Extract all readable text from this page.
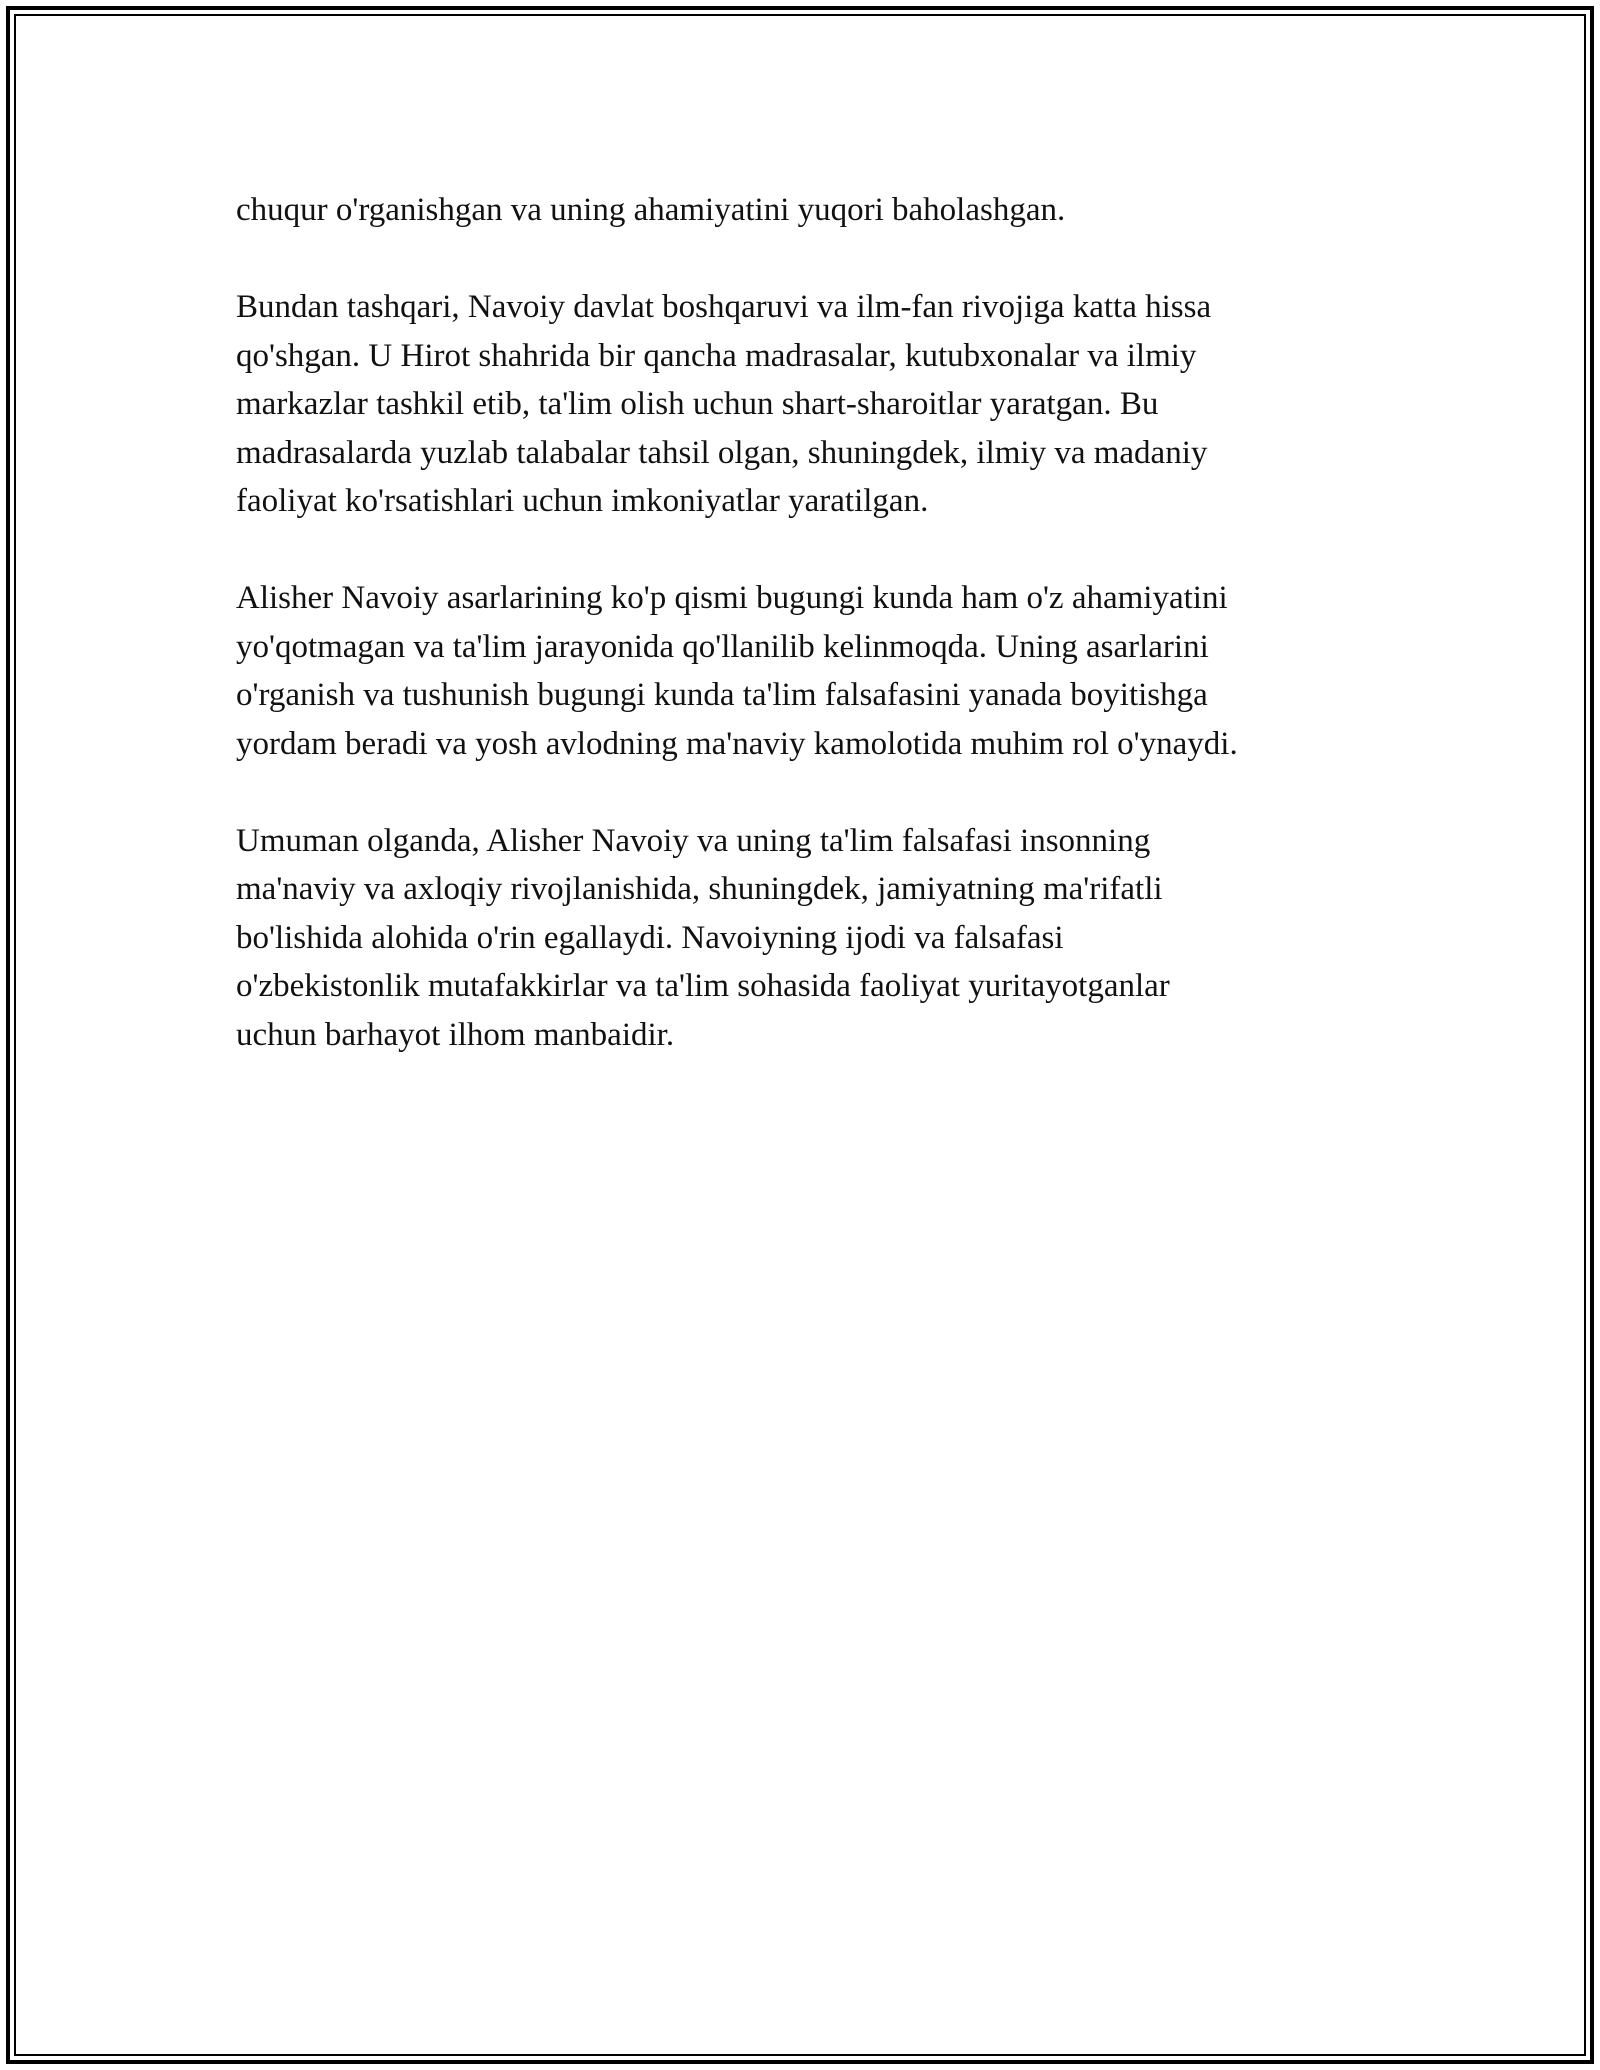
chuqur o'rganishgan va uning ahamiyatini yuqori baholashgan.

Bundan tashqari, Navoiy davlat boshqaruvi va ilm-fan rivojiga katta hissa
qo'shgan. U Hirot shahrida bir qancha madrasalar, kutubxonalar va ilmiy
markazlar tashkil etib, ta'lim olish uchun shart-sharoitlar yaratgan. Bu
madrasalarda yuzlab talabalar tahsil olgan, shuningdek, ilmiy va madaniy
faoliyat ko'rsatishlari uchun imkoniyatlar yaratilgan.

Alisher Navoiy asarlarining ko'p qismi bugungi kunda ham o'z ahamiyatini
yo'qotmagan va ta'lim jarayonida qo'llanilib kelinmoqda. Uning asarlarini
o'rganish va tushunish bugungi kunda ta'lim falsafasini yanada boyitishga
yordam beradi va yosh avlodning ma'naviy kamolotida muhim rol o'ynaydi.

Umuman olganda, Alisher Navoiy va uning ta'lim falsafasi insonning
ma'naviy va axloqiy rivojlanishida, shuningdek, jamiyatning ma'rifatli
bo'lishida alohida o'rin egallaydi. Navoiyning ijodi va falsafasi
o'zbekistonlik mutafakkirlar va ta'lim sohasida faoliyat yuritayotganlar
uchun barhayot ilhom manbaidir.
